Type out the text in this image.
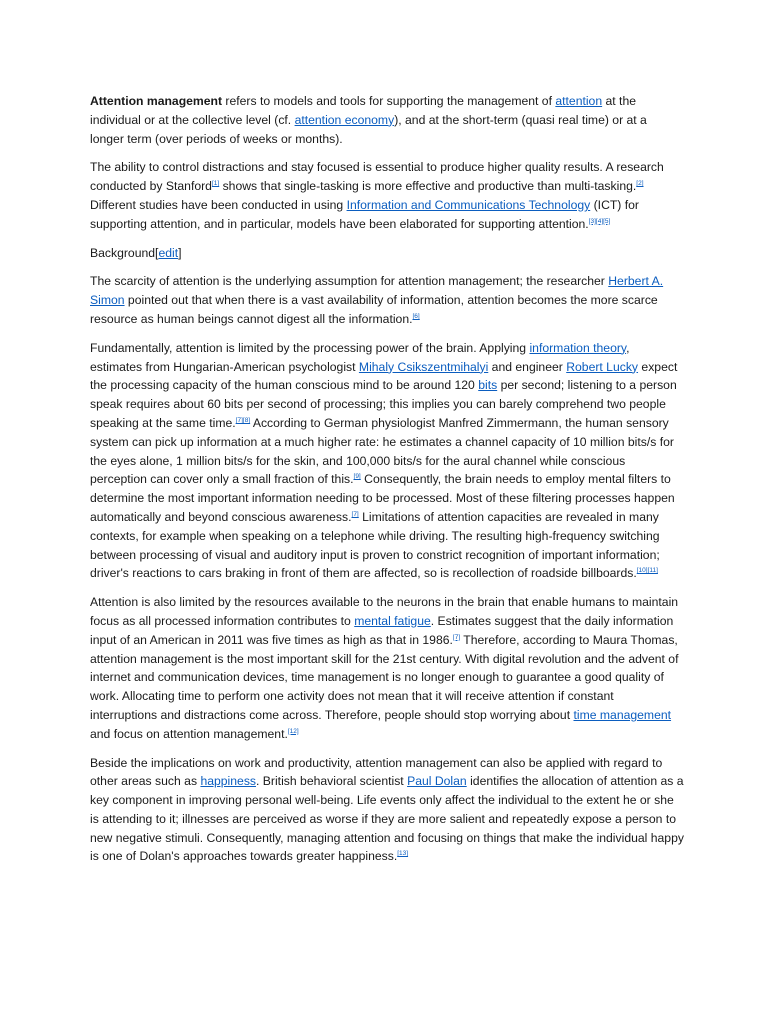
Attention management refers to models and tools for supporting the management of attention at the individual or at the collective level (cf. attention economy), and at the short-term (quasi real time) or at a longer term (over periods of weeks or months).

The ability to control distractions and stay focused is essential to produce higher quality results. A research conducted by Stanford[1] shows that single-tasking is more effective and productive than multi-tasking.[2] Different studies have been conducted in using Information and Communications Technology (ICT) for supporting attention, and in particular, models have been elaborated for supporting attention.[3][4][5]

Background[edit]

The scarcity of attention is the underlying assumption for attention management; the researcher Herbert A. Simon pointed out that when there is a vast availability of information, attention becomes the more scarce resource as human beings cannot digest all the information.[6]

Fundamentally, attention is limited by the processing power of the brain. Applying information theory, estimates from Hungarian-American psychologist Mihaly Csikszentmihalyi and engineer Robert Lucky expect the processing capacity of the human conscious mind to be around 120 bits per second; listening to a person speak requires about 60 bits per second of processing; this implies you can barely comprehend two people speaking at the same time.[7][8] According to German physiologist Manfred Zimmermann, the human sensory system can pick up information at a much higher rate: he estimates a channel capacity of 10 million bits/s for the eyes alone, 1 million bits/s for the skin, and 100,000 bits/s for the aural channel while conscious perception can cover only a small fraction of this.[9] Consequently, the brain needs to employ mental filters to determine the most important information needing to be processed. Most of these filtering processes happen automatically and beyond conscious awareness.[7] Limitations of attention capacities are revealed in many contexts, for example when speaking on a telephone while driving. The resulting high-frequency switching between processing of visual and auditory input is proven to constrict recognition of important information; driver's reactions to cars braking in front of them are affected, so is recollection of roadside billboards.[10][11]

Attention is also limited by the resources available to the neurons in the brain that enable humans to maintain focus as all processed information contributes to mental fatigue. Estimates suggest that the daily information input of an American in 2011 was five times as high as that in 1986.[7] Therefore, according to Maura Thomas, attention management is the most important skill for the 21st century. With digital revolution and the advent of internet and communication devices, time management is no longer enough to guarantee a good quality of work. Allocating time to perform one activity does not mean that it will receive attention if constant interruptions and distractions come across. Therefore, people should stop worrying about time management and focus on attention management.[12]

Beside the implications on work and productivity, attention management can also be applied with regard to other areas such as happiness. British behavioral scientist Paul Dolan identifies the allocation of attention as a key component in improving personal well-being. Life events only affect the individual to the extent he or she is attending to it; illnesses are perceived as worse if they are more salient and repeatedly expose a person to new negative stimuli. Consequently, managing attention and focusing on things that make the individual happy is one of Dolan's approaches towards greater happiness.[13]
